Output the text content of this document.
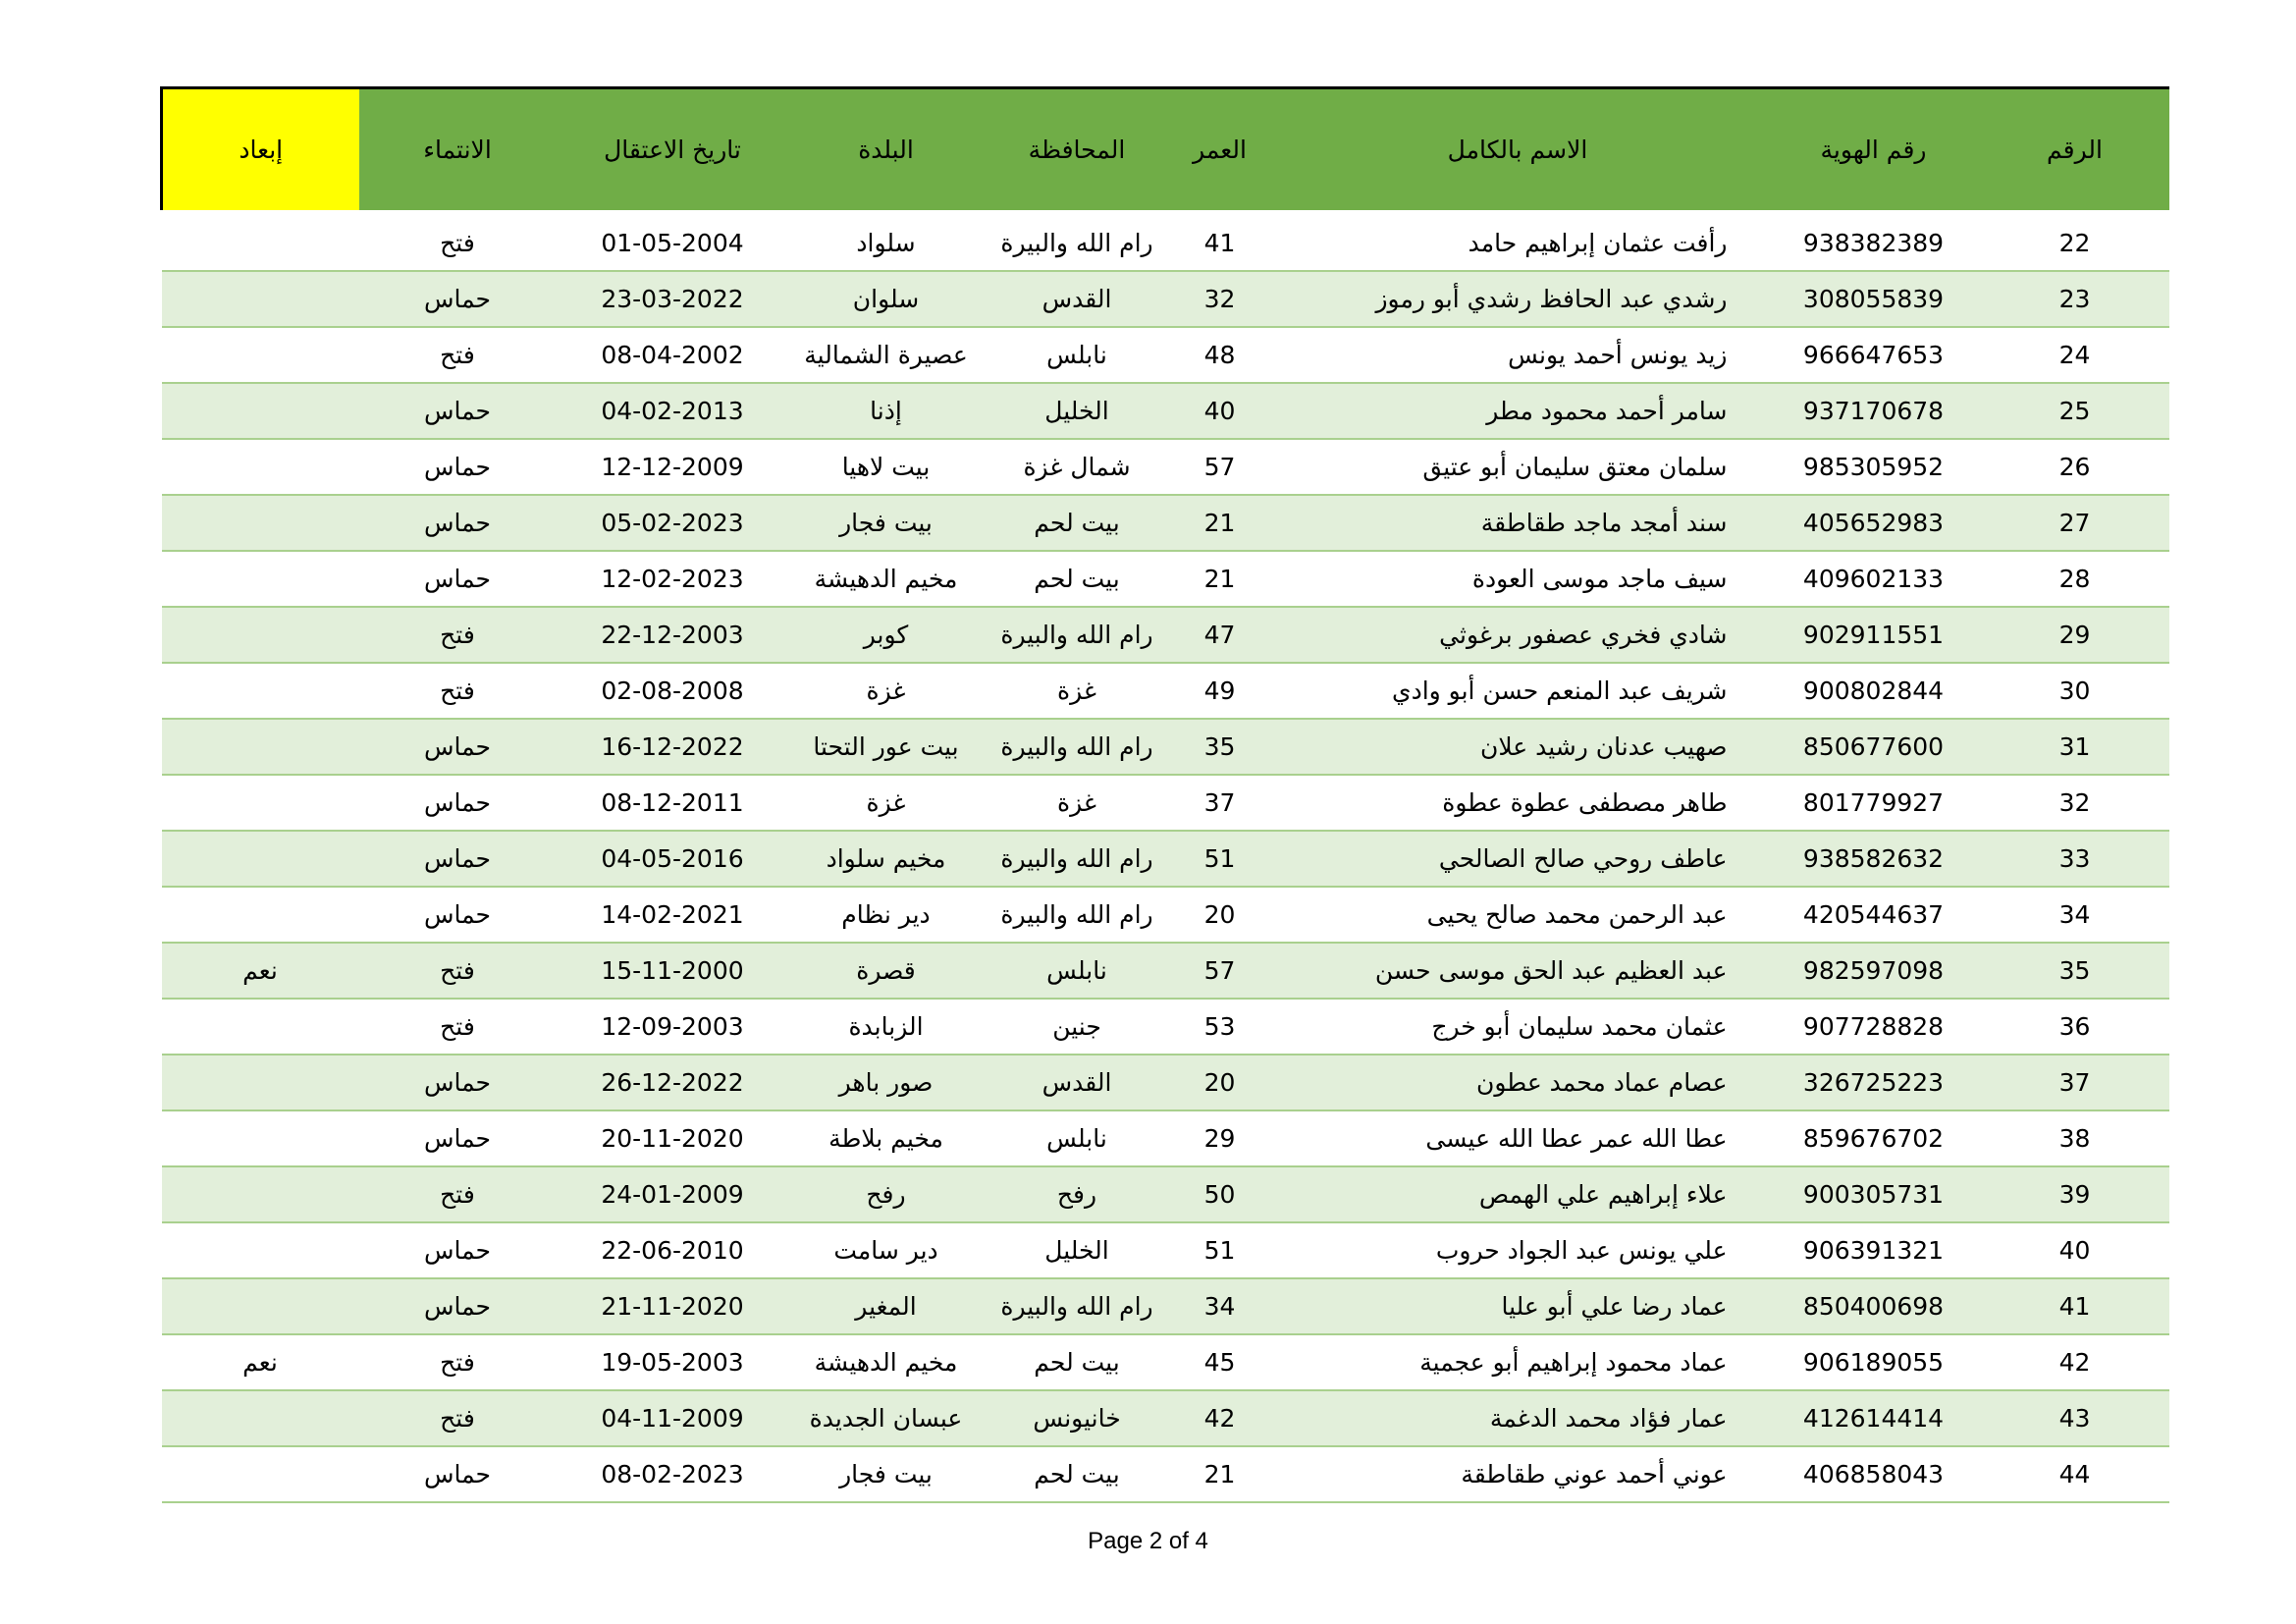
الرقم	رقم الهوية	الاسم بالكامل	العمر	المحافظة	البلدة	تاريخ الاعتقال	الانتماء	إبعاد

22	938382389	رأفت عثمان إبراهيم حامد	41	رام الله والبيرة	سلواد	01-05-2004	فتح	
23	308055839	رشدي عبد الحافظ رشدي أبو رموز	32	القدس	سلوان	23-03-2022	حماس	
24	966647653	زيد يونس أحمد يونس	48	نابلس	عصيرة الشمالية	08-04-2002	فتح	
25	937170678	سامر أحمد محمود مطر	40	الخليل	إذنا	04-02-2013	حماس	
26	985305952	سلمان معتق سليمان أبو عتيق	57	شمال غزة	بيت لاهيا	12-12-2009	حماس	
27	405652983	سند أمجد ماجد طقاطقة	21	بيت لحم	بيت فجار	05-02-2023	حماس	
28	409602133	سيف ماجد موسى العودة	21	بيت لحم	مخيم الدهيشة	12-02-2023	حماس	
29	902911551	شادي فخري عصفور برغوثي	47	رام الله والبيرة	كوبر	22-12-2003	فتح	
30	900802844	شريف عبد المنعم حسن أبو وادي	49	غزة	غزة	02-08-2008	فتح	
31	850677600	صهيب عدنان رشيد علان	35	رام الله والبيرة	بيت عور التحتا	16-12-2022	حماس	
32	801779927	طاهر مصطفى عطوة عطوة	37	غزة	غزة	08-12-2011	حماس	
33	938582632	عاطف روحي صالح الصالحي	51	رام الله والبيرة	مخيم سلواد	04-05-2016	حماس	
34	420544637	عبد الرحمن محمد صالح يحيى	20	رام الله والبيرة	دير نظام	14-02-2021	حماس	
35	982597098	عبد العظيم عبد الحق موسى حسن	57	نابلس	قصرة	15-11-2000	فتح	نعم
36	907728828	عثمان محمد سليمان أبو خرج	53	جنين	الزبابدة	12-09-2003	فتح	
37	326725223	عصام عماد محمد عطون	20	القدس	صور باهر	26-12-2022	حماس	
38	859676702	عطا الله عمر عطا الله عيسى	29	نابلس	مخيم بلاطة	20-11-2020	حماس	
39	900305731	علاء إبراهيم علي الهمص	50	رفح	رفح	24-01-2009	فتح	
40	906391321	علي يونس عبد الجواد حروب	51	الخليل	دير سامت	22-06-2010	حماس	
41	850400698	عماد رضا علي أبو عليا	34	رام الله والبيرة	المغير	21-11-2020	حماس	
42	906189055	عماد محمود إبراهيم أبو عجمية	45	بيت لحم	مخيم الدهيشة	19-05-2003	فتح	نعم
43	412614414	عمار فؤاد محمد الدغمة	42	خانيونس	عبسان الجديدة	04-11-2009	فتح	
44	406858043	عوني أحمد عوني طقاطقة	21	بيت لحم	بيت فجار	08-02-2023	حماس	
Page 2 of 4
